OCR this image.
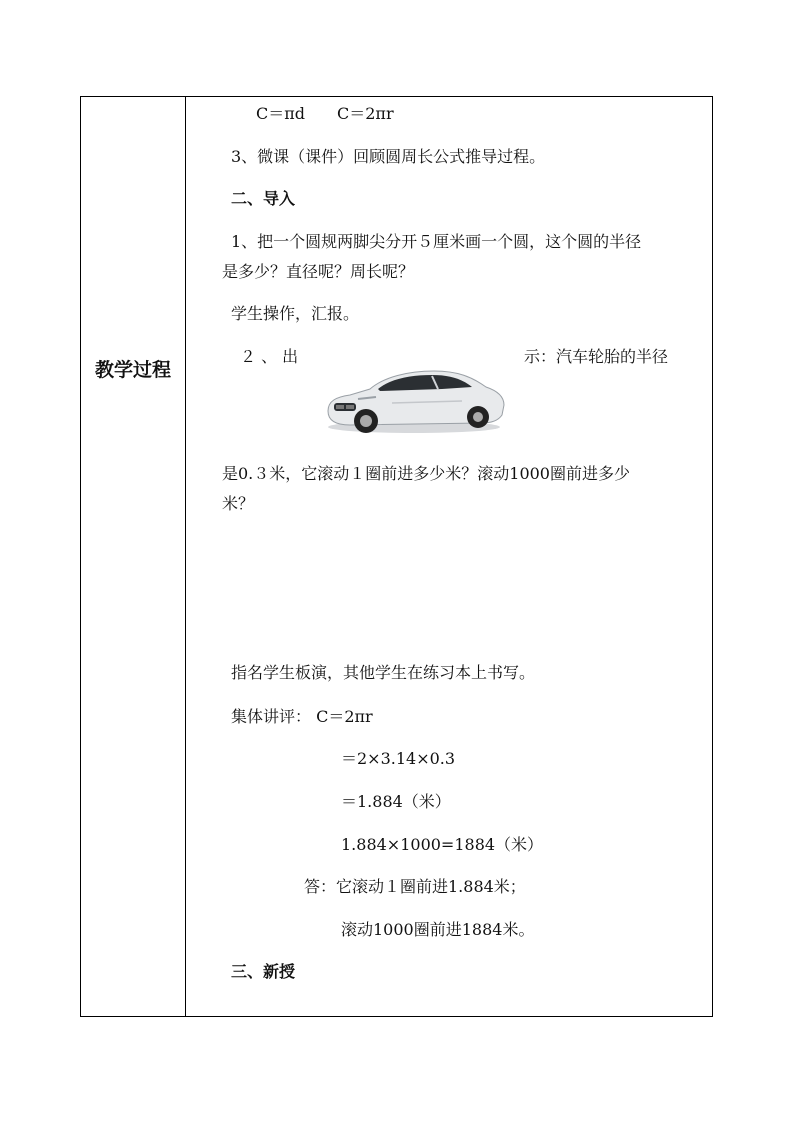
教学过程
C＝πd　　C＝2πr
3、微课（课件）回顾圆周长公式推导过程。
二、导入
1、把一个圆规两脚尖分开５厘米画一个圆，这个圆的半径
是多少？直径呢？周长呢？
学生操作，汇报。
２ 、 出	示：汽车轮胎的半径
是0.３米，它滚动１圈前进多少米？滚动1000圈前进多少
米？
指名学生板演，其他学生在练习本上书写。
集体讲评： C＝2πr
＝2×3.14×0.3
＝1.884（米）
1.884×1000=1884（米）
答：它滚动１圈前进1.884米；
滚动1000圈前进1884米。
三、新授
